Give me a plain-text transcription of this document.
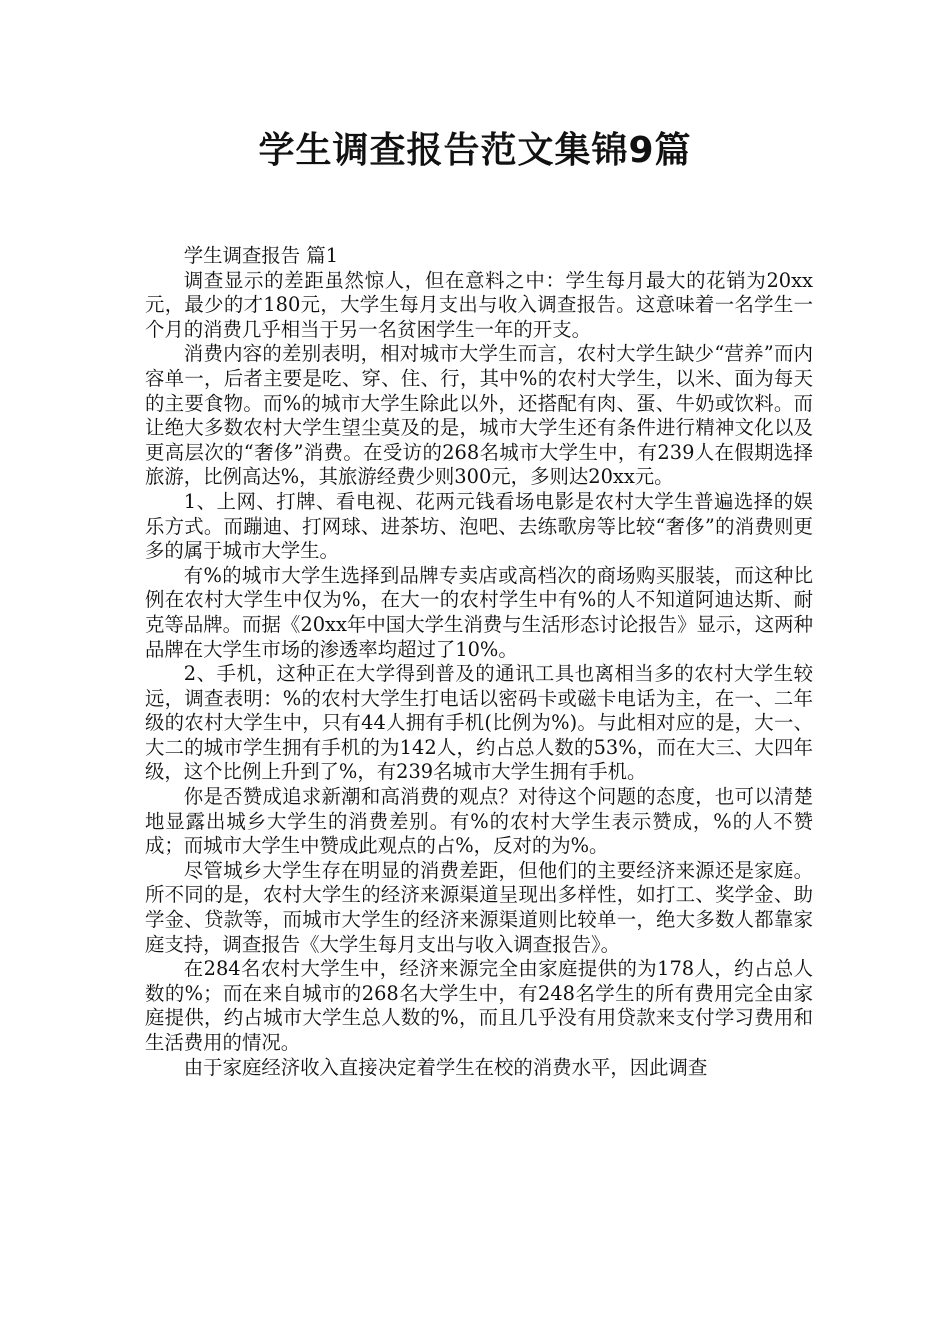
学生调查报告范文集锦9篇

学生调查报告 篇1

调查显示的差距虽然惊人，但在意料之中：学生每月最大的花销为20xx元，最少的才180元，大学生每月支出与收入调查报告。这意味着一名学生一个月的消费几乎相当于另一名贫困学生一年的开支。

消费内容的差别表明，相对城市大学生而言，农村大学生缺少“营养”而内容单一，后者主要是吃、穿、住、行，其中%的农村大学生，以米、面为每天的主要食物。而%的城市大学生除此以外，还搭配有肉、蛋、牛奶或饮料。而让绝大多数农村大学生望尘莫及的是，城市大学生还有条件进行精神文化以及更高层次的“奢侈”消费。在受访的268名城市大学生中，有239人在假期选择旅游，比例高达%，其旅游经费少则300元，多则达20xx元。

1、上网、打牌、看电视、花两元钱看场电影是农村大学生普遍选择的娱乐方式。而蹦迪、打网球、进茶坊、泡吧、去练歌房等比较“奢侈”的消费则更多的属于城市大学生。

有%的城市大学生选择到品牌专卖店或高档次的商场购买服装，而这种比例在农村大学生中仅为%，在大一的农村学生中有%的人不知道阿迪达斯、耐克等品牌。而据《20xx年中国大学生消费与生活形态讨论报告》显示，这两种品牌在大学生市场的渗透率均超过了10%。

2、手机，这种正在大学得到普及的通讯工具也离相当多的农村大学生较远，调查表明：%的农村大学生打电话以密码卡或磁卡电话为主，在一、二年级的农村大学生中，只有44人拥有手机(比例为%)。与此相对应的是，大一、大二的城市学生拥有手机的为142人，约占总人数的53%，而在大三、大四年级，这个比例上升到了%，有239名城市大学生拥有手机。

你是否赞成追求新潮和高消费的观点？对待这个问题的态度，也可以清楚地显露出城乡大学生的消费差别。有%的农村大学生表示赞成，%的人不赞成；而城市大学生中赞成此观点的占%，反对的为%。

尽管城乡大学生存在明显的消费差距，但他们的主要经济来源还是家庭。所不同的是，农村大学生的经济来源渠道呈现出多样性，如打工、奖学金、助学金、贷款等，而城市大学生的经济来源渠道则比较单一，绝大多数人都靠家庭支持，调查报告《大学生每月支出与收入调查报告》。

在284名农村大学生中，经济来源完全由家庭提供的为178人，约占总人数的%；而在来自城市的268名大学生中，有248名学生的所有费用完全由家庭提供，约占城市大学生总人数的%，而且几乎没有用贷款来支付学习费用和生活费用的情况。

由于家庭经济收入直接决定着学生在校的消费水平，因此调查
